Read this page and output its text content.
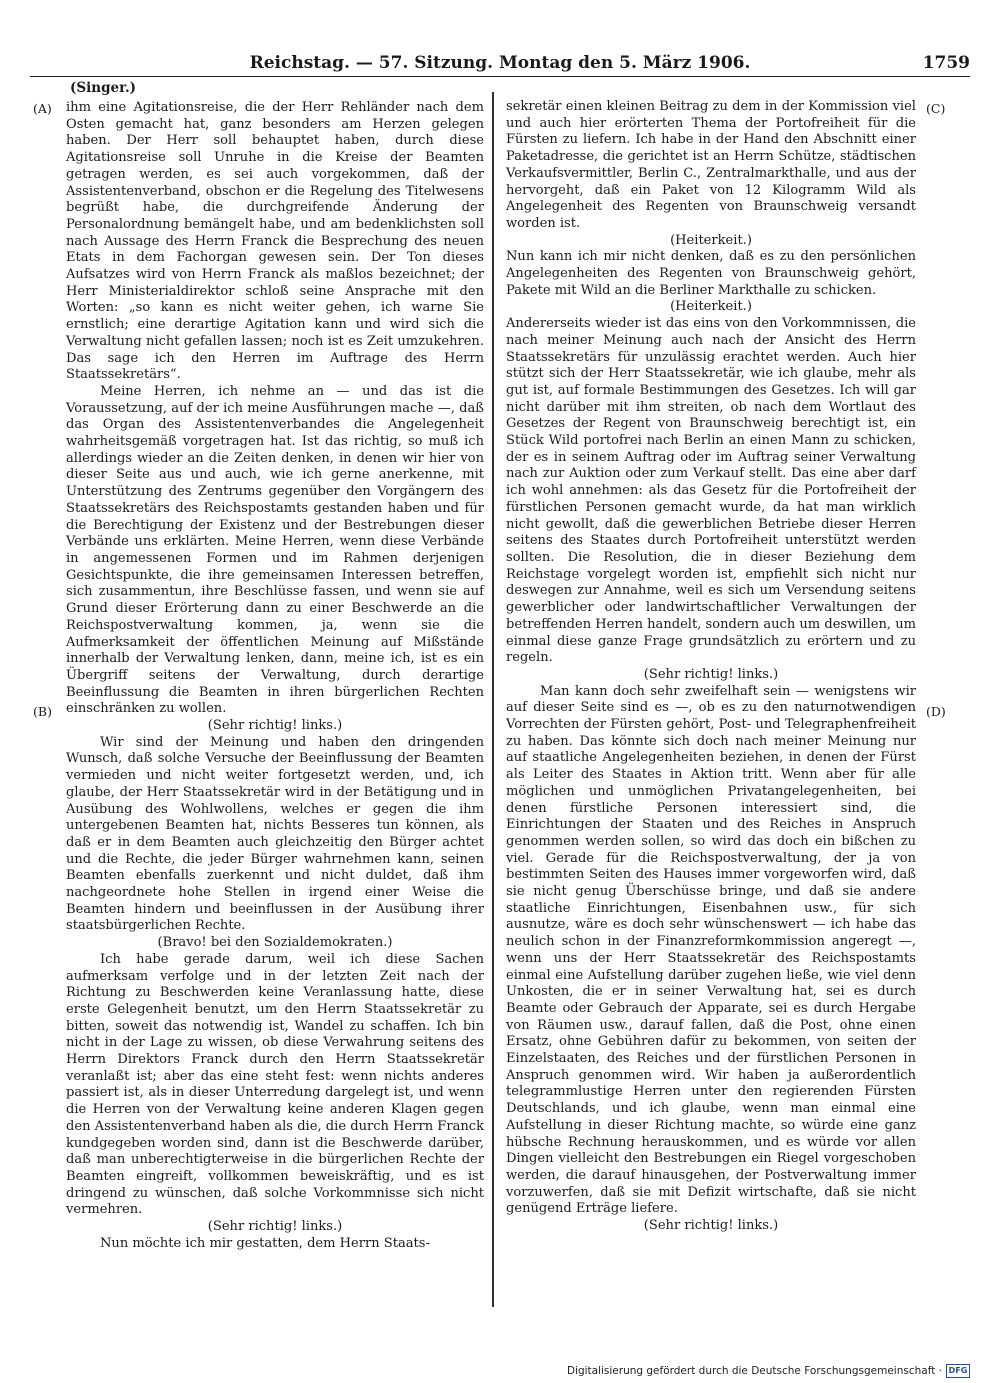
Reichstag. — 57. Sitzung. Montag den 5. März 1906.	1759
(Singer.)
(A)
(B)
(C)
(D)

ihm eine Agitationsreise, die der Herr Rehländer nach dem Osten gemacht hat, ganz besonders am Herzen gelegen haben. Der Herr soll behauptet haben, durch diese Agitationsreise soll Unruhe in die Kreise der Beamten getragen werden, es sei auch vorgekommen, daß der Assistentenverband, obschon er die Regelung des Titelwesens begrüßt habe, die durchgreifende Änderung der Personalordnung bemängelt habe, und am bedenklichsten soll nach Aussage des Herrn Franck die Besprechung des neuen Etats in dem Fachorgan gewesen sein. Der Ton dieses Aufsatzes wird von Herrn Franck als maßlos bezeichnet; der Herr Ministerialdirektor schloß seine Ansprache mit den Worten: „so kann es nicht weiter gehen, ich warne Sie ernstlich; eine derartige Agitation kann und wird sich die Verwaltung nicht gefallen lassen; noch ist es Zeit umzukehren. Das sage ich den Herren im Auftrage des Herrn Staatssekretärs“.

Meine Herren, ich nehme an — und das ist die Voraussetzung, auf der ich meine Ausführungen mache —, daß das Organ des Assistentenverbandes die Angelegenheit wahrheitsgemäß vorgetragen hat. Ist das richtig, so muß ich allerdings wieder an die Zeiten denken, in denen wir hier von dieser Seite aus und auch, wie ich gerne anerkenne, mit Unterstützung des Zentrums gegenüber den Vorgängern des Staatssekretärs des Reichspostamts gestanden haben und für die Berechtigung der Existenz und der Bestrebungen dieser Verbände uns erklärten. Meine Herren, wenn diese Verbände in angemessenen Formen und im Rahmen derjenigen Gesichtspunkte, die ihre gemeinsamen Interessen betreffen, sich zusammentun, ihre Beschlüsse fassen, und wenn sie auf Grund dieser Erörterung dann zu einer Beschwerde an die Reichspostverwaltung kommen, ja, wenn sie die Aufmerksamkeit der öffentlichen Meinung auf Mißstände innerhalb der Verwaltung lenken, dann, meine ich, ist es ein Übergriff seitens der Verwaltung, durch derartige Beeinflussung die Beamten in ihren bürgerlichen Rechten einschränken zu wollen.

(Sehr richtig! links.)

Wir sind der Meinung und haben den dringenden Wunsch, daß solche Versuche der Beeinflussung der Beamten vermieden und nicht weiter fortgesetzt werden, und, ich glaube, der Herr Staatssekretär wird in der Betätigung und in Ausübung des Wohlwollens, welches er gegen die ihm untergebenen Beamten hat, nichts Besseres tun können, als daß er in dem Beamten auch gleichzeitig den Bürger achtet und die Rechte, die jeder Bürger wahrnehmen kann, seinen Beamten ebenfalls zuerkennt und nicht duldet, daß ihm nachgeordnete hohe Stellen in irgend einer Weise die Beamten hindern und beeinflussen in der Ausübung ihrer staatsbürgerlichen Rechte.

(Bravo! bei den Sozialdemokraten.)

Ich habe gerade darum, weil ich diese Sachen aufmerksam verfolge und in der letzten Zeit nach der Richtung zu Beschwerden keine Veranlassung hatte, diese erste Gelegenheit benutzt, um den Herrn Staatssekretär zu bitten, soweit das notwendig ist, Wandel zu schaffen. Ich bin nicht in der Lage zu wissen, ob diese Verwahrung seitens des Herrn Direktors Franck durch den Herrn Staatssekretär veranlaßt ist; aber das eine steht fest: wenn nichts anderes passiert ist, als in dieser Unterredung dargelegt ist, und wenn die Herren von der Verwaltung keine anderen Klagen gegen den Assistentenverband haben als die, die durch Herrn Franck kundgegeben worden sind, dann ist die Beschwerde darüber, daß man unberechtigterweise in die bürgerlichen Rechte der Beamten eingreift, vollkommen beweiskräftig, und es ist dringend zu wünschen, daß solche Vorkommnisse sich nicht vermehren.

(Sehr richtig! links.)

Nun möchte ich mir gestatten, dem Herrn Staats-

sekretär einen kleinen Beitrag zu dem in der Kommission viel und auch hier erörterten Thema der Portofreiheit für die Fürsten zu liefern. Ich habe in der Hand den Abschnitt einer Paketadresse, die gerichtet ist an Herrn Schütze, städtischen Verkaufsvermittler, Berlin C., Zentralmarkthalle, und aus der hervorgeht, daß ein Paket von 12 Kilogramm Wild als Angelegenheit des Regenten von Braunschweig versandt worden ist.

(Heiterkeit.)

Nun kann ich mir nicht denken, daß es zu den persönlichen Angelegenheiten des Regenten von Braunschweig gehört, Pakete mit Wild an die Berliner Markthalle zu schicken.

(Heiterkeit.)

Andererseits wieder ist das eins von den Vorkommnissen, die nach meiner Meinung auch nach der Ansicht des Herrn Staatssekretärs für unzulässig erachtet werden. Auch hier stützt sich der Herr Staatssekretär, wie ich glaube, mehr als gut ist, auf formale Bestimmungen des Gesetzes. Ich will gar nicht darüber mit ihm streiten, ob nach dem Wortlaut des Gesetzes der Regent von Braunschweig berechtigt ist, ein Stück Wild portofrei nach Berlin an einen Mann zu schicken, der es in seinem Auftrag oder im Auftrag seiner Verwaltung nach zur Auktion oder zum Verkauf stellt. Das eine aber darf ich wohl annehmen: als das Gesetz für die Portofreiheit der fürstlichen Personen gemacht wurde, da hat man wirklich nicht gewollt, daß die gewerblichen Betriebe dieser Herren seitens des Staates durch Portofreiheit unterstützt werden sollten. Die Resolution, die in dieser Beziehung dem Reichstage vorgelegt worden ist, empfiehlt sich nicht nur deswegen zur Annahme, weil es sich um Versendung seitens gewerblicher oder landwirtschaftlicher Verwaltungen der betreffenden Herren handelt, sondern auch um deswillen, um einmal diese ganze Frage grundsätzlich zu erörtern und zu regeln.

(Sehr richtig! links.)

Man kann doch sehr zweifelhaft sein — wenigstens wir auf dieser Seite sind es —, ob es zu den naturnotwendigen Vorrechten der Fürsten gehört, Post- und Telegraphenfreiheit zu haben. Das könnte sich doch nach meiner Meinung nur auf staatliche Angelegenheiten beziehen, in denen der Fürst als Leiter des Staates in Aktion tritt. Wenn aber für alle möglichen und unmöglichen Privatangelegenheiten, bei denen fürstliche Personen interessiert sind, die Einrichtungen der Staaten und des Reiches in Anspruch genommen werden sollen, so wird das doch ein bißchen zu viel. Gerade für die Reichspostverwaltung, der ja von bestimmten Seiten des Hauses immer vorgeworfen wird, daß sie nicht genug Überschüsse bringe, und daß sie andere staatliche Einrichtungen, Eisenbahnen usw., für sich ausnutze, wäre es doch sehr wünschenswert — ich habe das neulich schon in der Finanzreformkommission angeregt —, wenn uns der Herr Staatssekretär des Reichspostamts einmal eine Aufstellung darüber zugehen ließe, wie viel denn Unkosten, die er in seiner Verwaltung hat, sei es durch Beamte oder Gebrauch der Apparate, sei es durch Hergabe von Räumen usw., darauf fallen, daß die Post, ohne einen Ersatz, ohne Gebühren dafür zu bekommen, von seiten der Einzelstaaten, des Reiches und der fürstlichen Personen in Anspruch genommen wird. Wir haben ja außerordentlich telegrammlustige Herren unter den regierenden Fürsten Deutschlands, und ich glaube, wenn man einmal eine Aufstellung in dieser Richtung machte, so würde eine ganz hübsche Rechnung herauskommen, und es würde vor allen Dingen vielleicht den Bestrebungen ein Riegel vorgeschoben werden, die darauf hinausgehen, der Postverwaltung immer vorzuwerfen, daß sie mit Defizit wirtschafte, daß sie nicht genügend Erträge liefere.

(Sehr richtig! links.)

Digitalisierung gefördert durch die Deutsche Forschungsgemeinschaft · DFG
